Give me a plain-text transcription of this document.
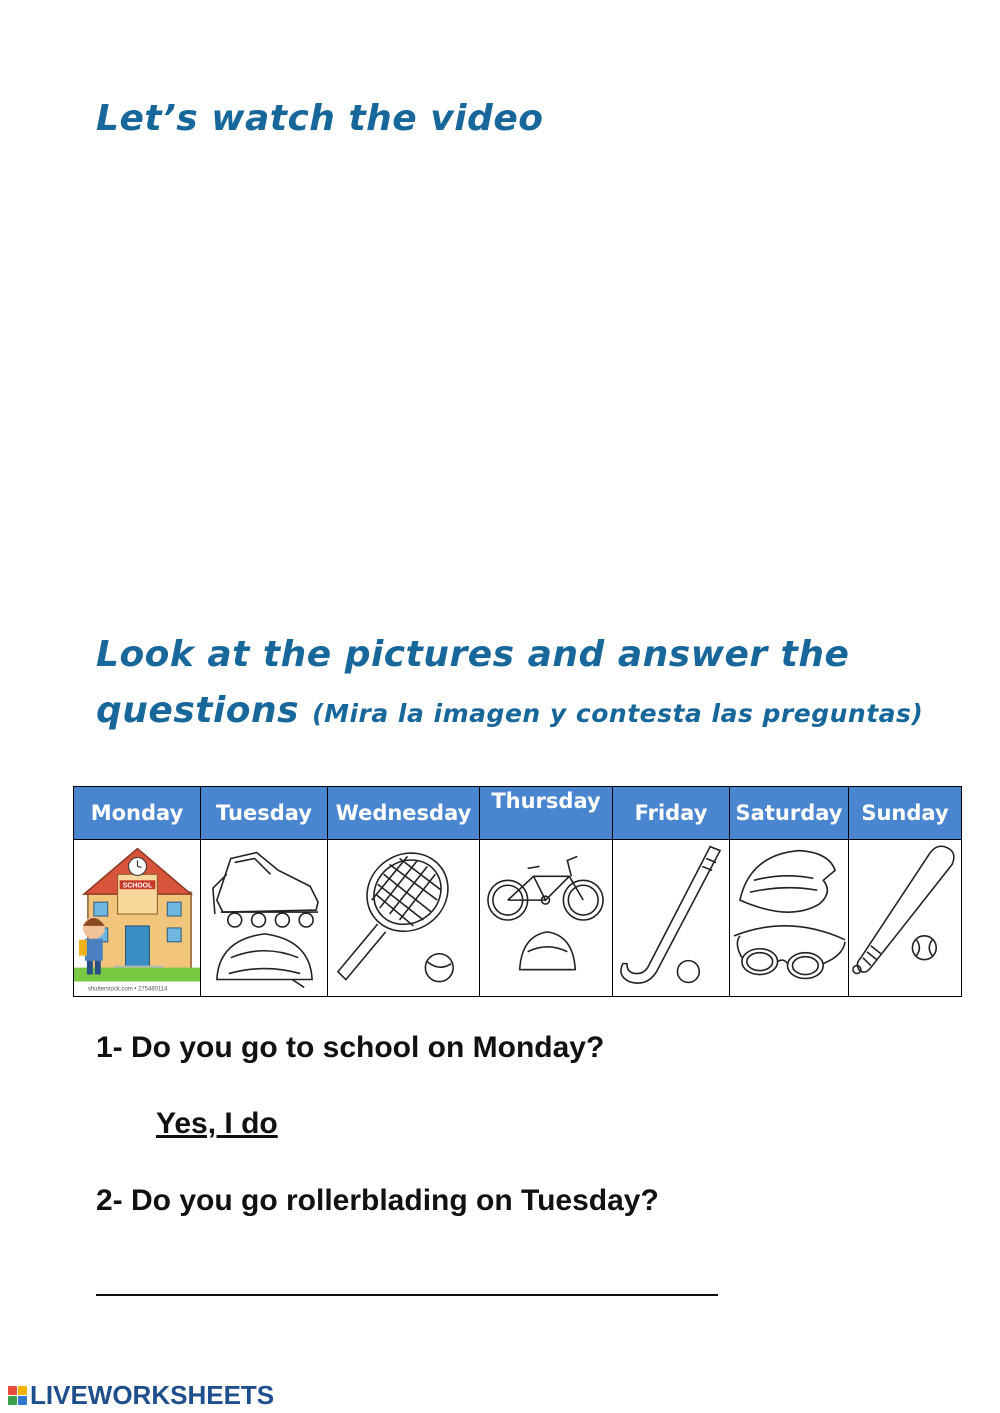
Let’s watch the video
Look at the pictures and answer the
questions (Mira la imagen y contesta las preguntas)
Monday	Tuesday	Wednesday	Thursday	Friday	Saturday	Sunday

SCHOOL
shutterstock.com • 275480114

1- Do you go to school on Monday?

Yes, I do

2- Do you go rollerblading on Tuesday?

LIVEWORKSHEETS
